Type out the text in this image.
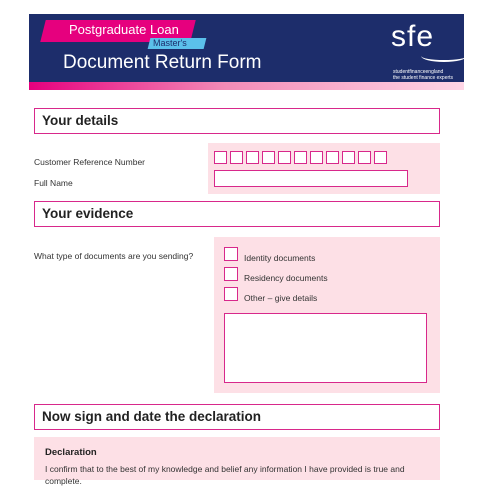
Postgraduate Loan
Master's
Document Return Form
sfe
studentfinanceengland
the student finance experts
Your details
Customer Reference Number
Full Name
Your evidence
What type of documents are you sending?	Identity documents
Residency documents
Other – give details
Now sign and date the declaration
Declaration

I confirm that to the best of my knowledge and belief any information I have provided is true and complete.
